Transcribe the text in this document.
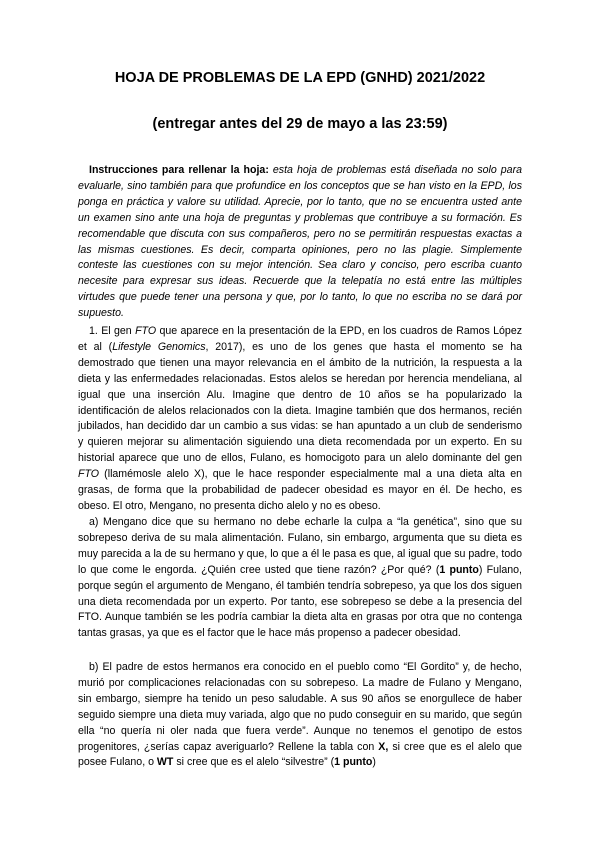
HOJA DE PROBLEMAS DE LA EPD (GNHD) 2021/2022
(entregar antes del 29 de mayo a las 23:59)

Instrucciones para rellenar la hoja: esta hoja de problemas está diseñada no solo para evaluarle, sino también para que profundice en los conceptos que se han visto en la EPD, los ponga en práctica y valore su utilidad. Aprecie, por lo tanto, que no se encuentra usted ante un examen sino ante una hoja de preguntas y problemas que contribuye a su formación. Es recomendable que discuta con sus compañeros, pero no se permitirán respuestas exactas a las mismas cuestiones. Es decir, comparta opiniones, pero no las plagie. Simplemente conteste las cuestiones con su mejor intención. Sea claro y conciso, pero escriba cuanto necesite para expresar sus ideas. Recuerde que la telepatía no está entre las múltiples virtudes que puede tener una persona y que, por lo tanto, lo que no escriba no se dará por supuesto.

1. El gen FTO que aparece en la presentación de la EPD, en los cuadros de Ramos López et al (Lifestyle Genomics, 2017), es uno de los genes que hasta el momento se ha demostrado que tienen una mayor relevancia en el ámbito de la nutrición, la respuesta a la dieta y las enfermedades relacionadas. Estos alelos se heredan por herencia mendeliana, al igual que una inserción Alu. Imagine que dentro de 10 años se ha popularizado la identificación de alelos relacionados con la dieta. Imagine también que dos hermanos, recién jubilados, han decidido dar un cambio a sus vidas: se han apuntado a un club de senderismo y quieren mejorar su alimentación siguiendo una dieta recomendada por un experto. En su historial aparece que uno de ellos, Fulano, es homocigoto para un alelo dominante del gen FTO (llamémosle alelo X), que le hace responder especialmente mal a una dieta alta en grasas, de forma que la probabilidad de padecer obesidad es mayor en él. De hecho, es obeso. El otro, Mengano, no presenta dicho alelo y no es obeso.

a) Mengano dice que su hermano no debe echarle la culpa a “la genética”, sino que su sobrepeso deriva de su mala alimentación. Fulano, sin embargo, argumenta que su dieta es muy parecida a la de su hermano y que, lo que a él le pasa es que, al igual que su padre, todo lo que come le engorda. ¿Quién cree usted que tiene razón? ¿Por qué? (1 punto) Fulano, porque según el argumento de Mengano, él también tendría sobrepeso, ya que los dos siguen una dieta recomendada por un experto. Por tanto, ese sobrepeso se debe a la presencia del FTO. Aunque también se les podría cambiar la dieta alta en grasas por otra que no contenga tantas grasas, ya que es el factor que le hace más propenso a padecer obesidad.

b) El padre de estos hermanos era conocido en el pueblo como “El Gordito” y, de hecho, murió por complicaciones relacionadas con su sobrepeso. La madre de Fulano y Mengano, sin embargo, siempre ha tenido un peso saludable. A sus 90 años se enorgullece de haber seguido siempre una dieta muy variada, algo que no pudo conseguir en su marido, que según ella “no quería ni oler nada que fuera verde”. Aunque no tenemos el genotipo de estos progenitores, ¿serías capaz averiguarlo? Rellene la tabla con X, si cree que es el alelo que posee Fulano, o WT si cree que es el alelo “silvestre” (1 punto)
